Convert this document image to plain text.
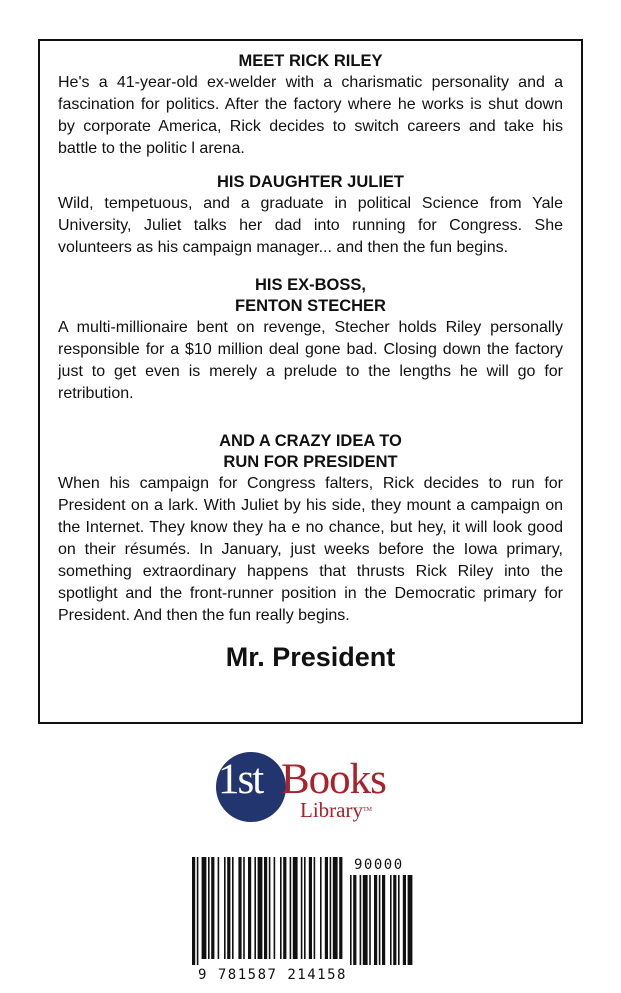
MEET RICK RILEY

He's a 41-year-old ex-welder with a charismatic personality and a fascination for politics. After the factory where he works is shut down by corporate America, Rick decides to switch careers and take his battle to the politic l arena.

HIS DAUGHTER JULIET

Wild, tempetuous, and a graduate in political Science from Yale University, Juliet talks her dad into running for Congress. She volunteers as his campaign manager... and then the fun begins.

HIS EX-BOSS,
FENTON STECHER

A multi-millionaire bent on revenge, Stecher holds Riley personally responsible for a $10 million deal gone bad. Closing down the factory just to get even is merely a prelude to the lengths he will go for retribution.

AND A CRAZY IDEA TO
RUN FOR PRESIDENT

When his campaign for Congress falters, Rick decides to run for President on a lark. With Juliet by his side, they mount a campaign on the Internet. They know they ha e no chance, but hey, it will look good on their résumés. In January, just weeks before the Iowa primary, something extraordinary happens that thrusts Rick Riley into the spotlight and the front-runner position in the Democratic primary for President. And then the fun really begins.

Mr. President

1st Books
Library™
9 781587 214158
90000
